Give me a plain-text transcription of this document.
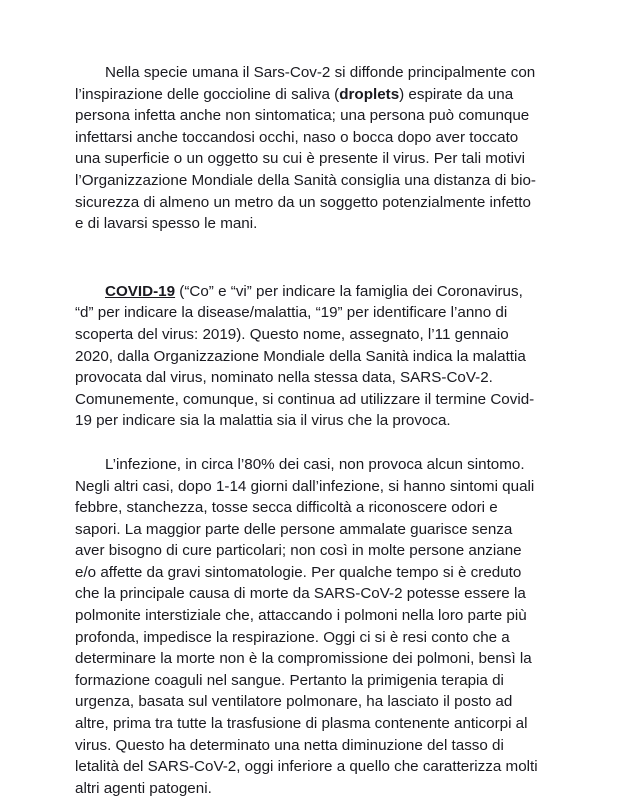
Nella specie umana il Sars-Cov-2 si diffonde principalmente con l’inspirazione delle goccioline di saliva (droplets) espirate da una persona infetta anche non sintomatica; una persona può comunque infettarsi anche toccandosi occhi, naso o bocca dopo aver toccato una superficie o un oggetto su cui è presente il virus. Per tali motivi l’Organizzazione Mondiale della Sanità consiglia una distanza di bio-sicurezza di almeno un metro da un soggetto potenzialmente infetto e di lavarsi spesso le mani.

COVID-19 (“Co” e “vi” per indicare la famiglia dei Coronavirus, “d” per indicare la disease/malattia, “19” per identificare l’anno di scoperta del virus: 2019). Questo nome, assegnato, l’11 gennaio 2020, dalla Organizzazione Mondiale della Sanità indica la malattia provocata dal virus, nominato nella stessa data, SARS-CoV-2. Comunemente, comunque, si continua ad utilizzare il termine Covid-19 per indicare sia la malattia sia il virus che la provoca.

L’infezione, in circa l’80% dei casi, non provoca alcun sintomo. Negli altri casi, dopo 1-14 giorni dall’infezione, si hanno sintomi quali febbre, stanchezza, tosse secca difficoltà a riconoscere odori e sapori. La maggior parte delle persone ammalate guarisce senza aver bisogno di cure particolari; non così in molte persone anziane e/o affette da gravi sintomatologie. Per qualche tempo si è creduto che la principale causa di morte da SARS-CoV-2 potesse essere la polmonite interstiziale che, attaccando i polmoni nella loro parte più profonda, impedisce la respirazione. Oggi ci si è resi conto che a determinare la morte non è la compromissione dei polmoni, bensì la formazione coaguli nel sangue. Pertanto la primigenia terapia di urgenza, basata sul ventilatore polmonare, ha lasciato il posto ad altre, prima tra tutte la trasfusione di plasma contenente anticorpi al virus. Questo ha determinato una netta diminuzione del tasso di letalità del SARS-CoV-2, oggi inferiore a quello che caratterizza molti altri agenti patogeni.
